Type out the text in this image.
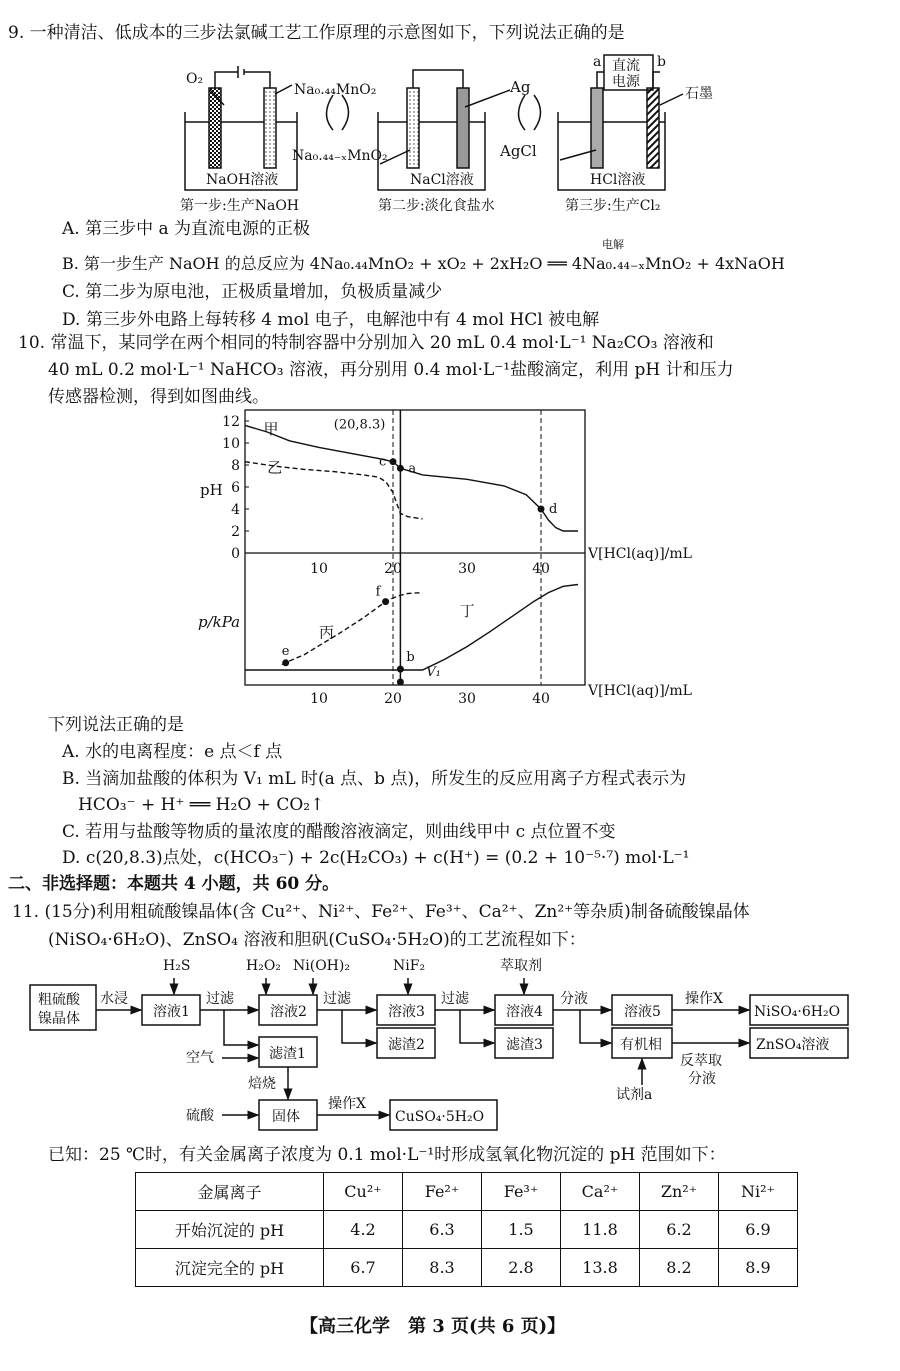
9. 一种清洁、低成本的三步法氯碱工艺工作原理的示意图如下，下列说法正确的是
O₂
Na₀.₄₄MnO₂
Na₀.₄₄₋ₓMnO₂
Ag
AgCl
a	b
直流
电源
石墨
NaOH溶液	NaCl溶液	HCl溶液
第一步:生产NaOH	第二步:淡化食盐水	第三步:生产Cl₂
A. 第三步中 a 为直流电源的正极
B. 第一步生产 NaOH 的总反应为 4Na₀.₄₄MnO₂ + xO₂ + 2xH₂O ══ 4Na₀.₄₄₋ₓMnO₂ + 4xNaOH
电解
C. 第二步为原电池，正极质量增加，负极质量减少
D. 第三步外电路上每转移 4 mol 电子，电解池中有 4 mol HCl 被电解
10. 常温下，某同学在两个相同的特制容器中分别加入 20 mL 0.4 mol·L⁻¹ Na₂CO₃ 溶液和
40 mL 0.2 mol·L⁻¹ NaHCO₃ 溶液，再分别用 0.4 mol·L⁻¹盐酸滴定，利用 pH 计和压力
传感器检测，得到如图曲线。
0
2
4
6
8
10
12
10
10
20
20
30
30
40
40
pH
p/kPa
V[HCl(aq)]/mL
V[HCl(aq)]/mL
甲
乙
丙
丁
a
c
d
e
f
b
V₁
(20,8.3)
下列说法正确的是
A. 水的电离程度：e 点＜f 点
B. 当滴加盐酸的体积为 V₁ mL 时(a 点、b 点)，所发生的反应用离子方程式表示为
HCO₃⁻ + H⁺ ══ H₂O + CO₂↑
C. 若用与盐酸等物质的量浓度的醋酸溶液滴定，则曲线甲中 c 点位置不变
D. c(20,8.3)点处，c(HCO₃⁻) + 2c(H₂CO₃) + c(H⁺) = (0.2 + 10⁻⁵·⁷) mol·L⁻¹
二、非选择题：本题共 4 小题，共 60 分。
11. (15分)利用粗硫酸镍晶体(含 Cu²⁺、Ni²⁺、Fe²⁺、Fe³⁺、Ca²⁺、Zn²⁺等杂质)制备硫酸镍晶体
(NiSO₄·6H₂O)、ZnSO₄ 溶液和胆矾(CuSO₄·5H₂O)的工艺流程如下：
粗硫酸
镍晶体
水浸
溶液1	溶液2	溶液3	溶液4	溶液5
H₂S	H₂O₂ Ni(OH)₂	NiF₂	萃取剂
过滤	过滤	过滤	分液	操作X
NiSO₄·6H₂O
ZnSO₄溶液
滤渣1
滤渣2	滤渣3	有机相
反萃取
分液
试剂a
空气
焙烧
硫酸	固体
操作X
CuSO₄·5H₂O
已知：25 ℃时，有关金属离子浓度为 0.1 mol·L⁻¹时形成氢氧化物沉淀的 pH 范围如下：
金属离子	Cu²⁺	Fe²⁺	Fe³⁺	Ca²⁺	Zn²⁺	Ni²⁺
开始沉淀的 pH	4.2	6.3	1.5	11.8	6.2	6.9
沉淀完全的 pH	6.7	8.3	2.8	13.8	8.2	8.9
【高三化学　第 3 页(共 6 页)】
